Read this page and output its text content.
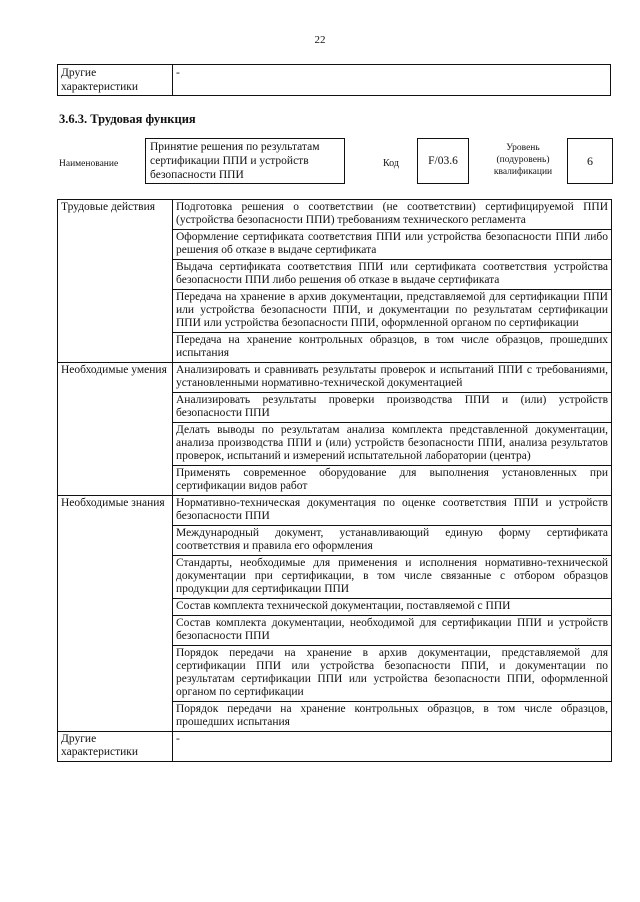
22
Другие характеристики	-
3.6.3. Трудовая функция
Наименование
Принятие решения по результатам сертификации ППИ и устройств безопасности ППИ
Код	F/03.6
Уровень
(подуровень)
квалификации
6
Трудовые действия	Подготовка решения о соответствии (не соответствии) сертифицируемой ППИ (устройства безопасности ППИ) требованиям технического регламента
	Оформление сертификата соответствия ППИ или устройства безопасности ППИ либо решения об отказе в выдаче сертификата
	Выдача сертификата соответствия ППИ или сертификата соответствия устройства безопасности ППИ либо решения об отказе в выдаче сертификата
	Передача на хранение в архив документации, представляемой для сертификации ППИ или устройства безопасности ППИ, и документации по результатам сертификации ППИ или устройства безопасности ППИ, оформленной органом по сертификации
	Передача на хранение контрольных образцов, в том числе образцов, прошедших испытания
Необходимые умения	Анализировать и сравнивать результаты проверок и испытаний ППИ с требованиями, установленными нормативно-технической документацией
	Анализировать результаты проверки производства ППИ и (или) устройств безопасности ППИ
	Делать выводы по результатам анализа комплекта представленной документации, анализа производства ППИ и (или) устройств безопасности ППИ, анализа результатов проверок, испытаний и измерений испытательной лаборатории (центра)
	Применять современное оборудование для выполнения установленных при сертификации видов работ
Необходимые знания	Нормативно-техническая документация по оценке соответствия ППИ и устройств безопасности ППИ
	Международный документ, устанавливающий единую форму сертификата соответствия и правила его оформления
	Стандарты, необходимые для применения и исполнения нормативно-технической документации при сертификации, в том числе связанные с отбором образцов продукции для сертификации ППИ
	Состав комплекта технической документации, поставляемой с ППИ
	Состав комплекта документации, необходимой для сертификации ППИ и устройств безопасности ППИ
	Порядок передачи на хранение в архив документации, представляемой для сертификации ППИ или устройства безопасности ППИ, и документации по результатам сертификации ППИ или устройства безопасности ППИ, оформленной органом по сертификации
	Порядок передачи на хранение контрольных образцов, в том числе образцов, прошедших испытания
Другие характеристики	-
